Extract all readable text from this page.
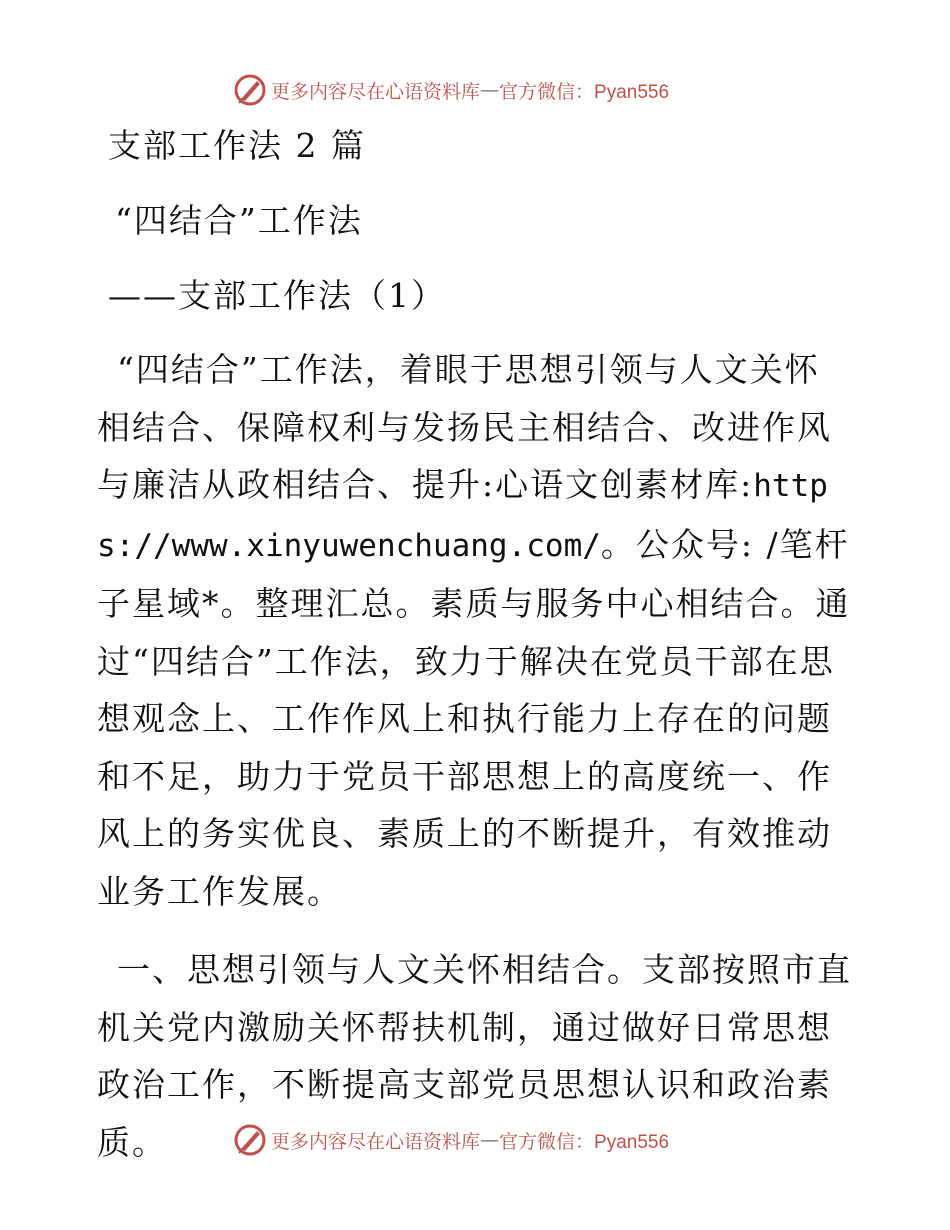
更多内容尽在心语资料库 — 官方微信：Pyan556
支部工作法 2 篇
“四结合”工作法
——支部工作法（1）

“四结合”工作法，着眼于思想引领与人文关怀相结合、保障权利与发扬民主相结合、改进作风与廉洁从政相结合、提升:心语文创素材库:https://www.xinyuwenchuang.com/。公众号: /笔杆子星域*。整理汇总。素质与服务中心相结合。通过“四结合”工作法，致力于解决在党员干部在思想观念上、工作作风上和执行能力上存在的问题和不足，助力于党员干部思想上的高度统一、作风上的务实优良、素质上的不断提升，有效推动业务工作发展。

一、思想引领与人文关怀相结合。支部按照市直机关党内激励关怀帮扶机制，通过做好日常思想政治工作，不断提高支部党员思想认识和政治素质。	更多内容尽在心语资料库 — 官方微信：Pyan556
